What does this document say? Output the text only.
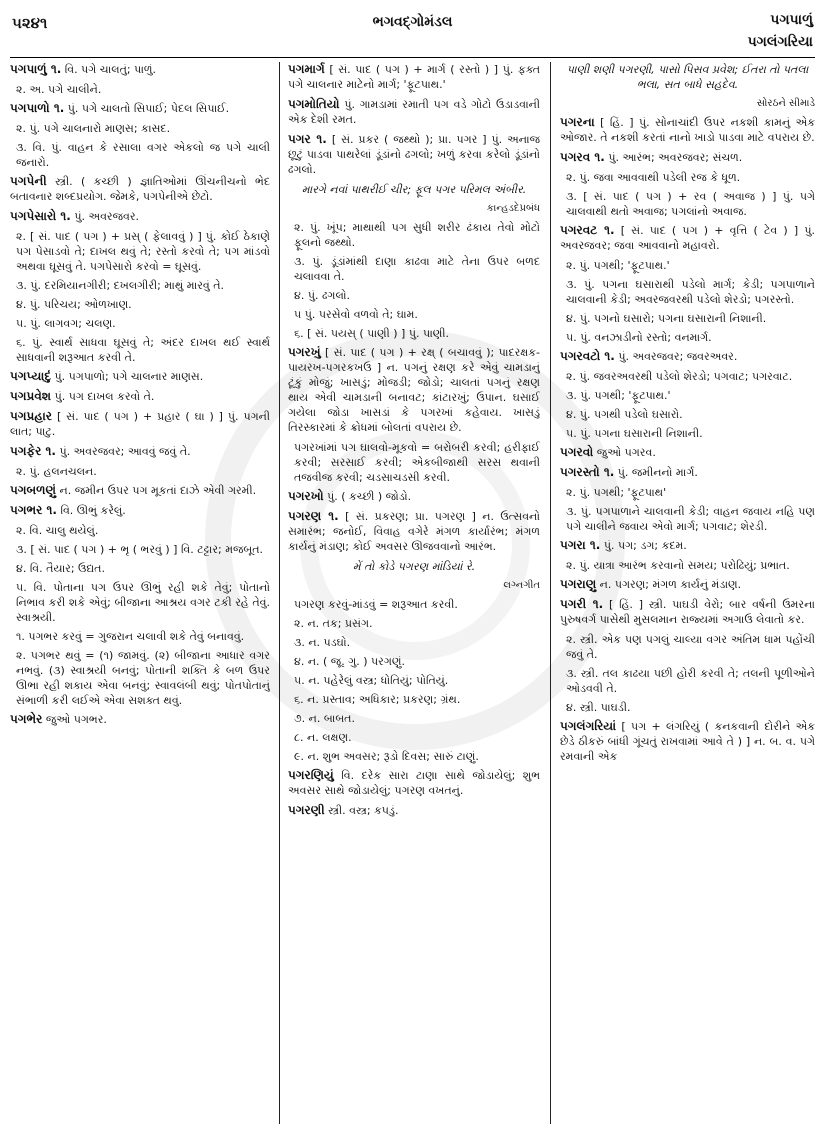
૫૨૪૧	ભગવદ્ગોમંડલ	પગપાળું
પગલંગરિયા
પગપાળું ૧. વિ. પગે ચાલતું; પાળું.
૨. અ. પગે ચાલીને.
પગપાળો ૧. પું. પગે ચાલતો સિપાઈ; પેદલ સિપાઈ.
૨. પું. પગે ચાલનારો માણસ; કાસદ.
૩. વિ. પું. વાહન કે રસાલા વગર એકલો જ પગે ચાલી જનારો.
પગપેની સ્ત્રી. ( કચ્છી ) જ્ઞાતિઓમાં ઊંચનીચનો ભેદ બતાવનાર શબ્દપ્રયોગ. જેમકે, પગપેનીએ છેટો.
પગપેસારો ૧. પું. અવરજવર.
૨. [ સં. પાદ ( પગ ) + પ્રસ્ ( ફેલાવવું ) ] પું. કોઈ ઠેકાણે પગ પેસાડવો તે; દાખલ થવું તે; રસ્તો કરવો તે; પગ માંડવો અથવા ઘૂસવું તે. પગપેસારો કરવો = ઘૂસવું.
૩. પું. દરમિયાનગીરી; દખલગીરી; માથું મારવું તે.
૪. પું. પરિચય; ઓળખાણ.
૫. પું. લાગવગ; ચલણ.
૬. પું. સ્વાર્થ સાધવા ઘૂસવું તે; અંદર દાખલ થઈ સ્વાર્થ સાધવાની શરૂઆત કરવી તે.
પગપ્યાદું પું. પગપાળો; પગે ચાલનાર માણસ.
પગપ્રવેશ પું. પગ દાખલ કરવો તે.
પગપ્રહાર [ સં. પાદ ( પગ ) + પ્રહાર ( ઘા ) ] પું. પગની લાત; પાટુ.
પગફેર ૧. પું. અવરજવર; આવવું જવું તે.
૨. પું. હલનચલન.
પગબળણું ન. જમીન ઉપર પગ મૂકતાં દાઝે એવી ગરમી.
પગભર ૧. વિ. ઊભું કરેલું.
૨. વિ. ચાલુ થયેલું.
૩. [ સં. પાદ ( પગ ) + ભૃ ( ભરવું ) ] વિ. ટટ્ટાર; મજબૂત.
૪. વિ. તૈયાર; ઉદ્યત.
૫. વિ. પોતાના પગ ઉપર ઊભું રહી શકે તેવું; પોતાનો નિભાવ કરી શકે એવું; બીજાના આશ્રય વગર ટકી રહે તેવું. સ્વાશ્રયી.
૧. પગભર કરવું = ગુજરાન ચલાવી શકે તેવું બનાવવું.
૨. પગભર થવું = (૧) જામવું. (૨) બીજાના આધાર વગર નભવું. (૩) સ્વાશ્રયી બનવું; પોતાની શક્તિ કે બળ ઉપર ઊભા રહી શકાય એવા બનવું; સ્વાવલંબી થવું; પોતપોતાનું સંભાળી કરી લઈએ એવા સશક્ત થવું.
પગભેર જુઓ પગભર.
પગમાર્ગ [ સં. પાદ ( પગ ) + માર્ગ ( રસ્તો ) ] પું. ફક્ત પગે ચાલનાર માટેનો માર્ગ; 'ફૂટપાથ.'
પગમોતિયો પું. ગામડામાં રમાતી પગ વડે ગોટો ઉડાડવાની એક દેશી રમત.
પગર ૧. [ સં. પ્રકર ( જથ્થો ); પ્રા. પગર ] પું. અનાજ છૂટું પાડવા પાથરેલાં ડૂંડાંનો ઢગલો; ખળું કરવા કરેલો ડૂંડાંનો ઢગલો.
મારગે નવાં પાથરીઈ ચીર; ફૂલ પગર પરિમલ અંબીર.
કાન્હડદેપ્રબંધ
૨. પું. ખૂંપ; માથાથી પગ સુધી શરીર ઢંકાય તેવો મોટો ફૂલનો જથ્થો.
૩. પું. ડૂંડાંમાંથી દાણા કાઢવા માટે તેના ઉપર બળદ ચલાવવા તે.
૪. પું. ઢગલો.
૫ પું. પરસેવો વળવો તે; ઘામ.
૬. [ સં. પયસ્ ( પાણી ) ] પું. પાણી.
પગરખું [ સં. પાદ ( પગ ) + રક્ષ્ ( બચાવવું ); પાદરક્ષક-પાયરખ-પગરકખઉ ] ન. પગનું રક્ષણ કરે એવું ચામડાનું ટૂંકું મોજું; ખાસડું; મોજડી; જોડો; ચાલતાં પગનું રક્ષણ થાય એવી ચામડાની બનાવટ; કાંટારખું; ઉપાન. ઘસાઈ ગયેલા જોડા ખાસડાં કે પગરખાં કહેવાય. ખાસડું તિરસ્કારમાં કે ક્રોધમાં બોલતાં વપરાય છે.
પગરખાંમાં પગ ઘાલવો-મૂકવો = બરોબરી કરવી; હરીફાઈ કરવી; સરસાઈ કરવી; એકબીજાથી સરસ થવાની તજવીજ કરવી; ચડસાચડસી કરવી.
પગરખો પું. ( કચ્છી ) જોડો.
પગરણ ૧. [ સં. પ્રકરણ; પ્રા. પગરણ ] ન. ઉત્સવનો સમારંભ; જનોઈ, વિવાહ વગેરે મંગળ કાર્યારંભ; મંગળ કાર્યનું મંડાણ; કોઈ અવસર ઊજવવાનો આરંભ.
મેં તો કોડે પગરણ માંડિયાં રે.
લગ્નગીત
પગરણ કરવું-માંડવું = શરૂઆત કરવી.
૨. ન. તક; પ્રસંગ.
૩. ન. પડઘો.
૪. ન. ( જૂ. ગુ. ) પરગણું.
૫. ન. પહેરેલું વસ્ત્ર; ધોતિયું; પોતિયું.
૬. ન. પ્રસ્તાવ; અધિકાર; પ્રકરણ; ગ્રંથ.
૭. ન. બાબત.
૮. ન. લક્ષણ.
૯. ન. શુભ અવસર; રૂડો દિવસ; સારું ટાણું.
પગરણિયું વિ. દરેક સારા ટાણા સાથે જોડાયેલું; શુભ અવસર સાથે જોડાયેલું; પગરણ વખતનું.
પગરણી સ્ત્રી. વસ્ત્ર; કપડું.
પાણી શણી પગરણી, પાસો પિસવ પ્રવેશ; ઈતરા તો પતલા ભલા, સત બાધે સહદેવ.
સોરઠને સીમાડે
પગરના [ હિં. ] પું. સોનાચાંદી ઉપર નકશી કામનું એક ઓજાર. તે નકશી કરતાં નાનો ખાડો પાડવા માટે વપરાય છે.
પગરવ ૧. પું. આરંભ; અવરજવર; સંચળ.
૨. પું. જવા આવવાથી પડેલી રજ કે ધૂળ.
૩. [ સં. પાદ ( પગ ) + રવ ( અવાજ ) ] પું. પગે ચાલવાથી થતો અવાજ; પગલાંનો અવાજ.
પગરવટ ૧. [ સં. પાદ ( પગ ) + વૃત્તિ ( ટેવ ) ] પું. અવરજવર; જવા આવવાનો મહાવરો.
૨. પું. પગથી; 'ફૂટપાથ.'
૩. પું. પગના ઘસારાથી પડેલો માર્ગ; કેડી; પગપાળાને ચાલવાની કેડી; અવરજવરથી પડેલો શેરડો; પગરસ્તો.
૪. પું. પગનો ઘસારો; પગના ઘસારાની નિશાની.
૫. પું. વનઝાડીનો રસ્તો; વનમાર્ગ.
પગરવટો ૧. પું. અવરજવર; જવરઅવર.
૨. પું. જવરઅવરથી પડેલો શેરડો; પગવાટ; પગરવાટ.
૩. પું. પગથી; 'ફૂટપાથ.'
૪. પું. પગથી પડેલો ઘસારો.
૫. પું. પગના ઘસારાની નિશાની.
પગરવો જુઓ પગરવ.
પગરસ્તો ૧. પું. જમીનનો માર્ગ.
૨. પું. પગથી; 'ફૂટપાથ'
૩. પું. પગપાળાને ચાલવાની કેડી; વાહન જવાય નહિ પણ પગે ચાલીને જવાય એવો માર્ગ; પગવાટ; શેરડી.
પગરા ૧. પું. પગ; ડગ; કદમ.
૨. પું. યાત્રા આરંભ કરવાનો સમય; પરોઢિયું; પ્રભાત.
પગરાણુ ન. પગરણ; મંગળ કાર્યનું મંડાણ.
પગરી ૧. [ હિં. ] સ્ત્રી. પાઘડી વેરો; બાર વર્ષની ઉમરના પુરુષવર્ગ પાસેથી મુસલમાન રાજ્યમાં અગાઉ લેવાતો કર.
૨. સ્ત્રી. એક પણ પગલું ચાલ્યા વગર અંતિમ ધામ પહોંચી જવું તે.
૩. સ્ત્રી. તલ કાઢયા પછી હોરી કરવી તે; તલની પૂળીઓને ઓડવવી તે.
૪. સ્ત્રી. પાઘડી.
પગલંગરિયાં [ પગ + લંગરિયું ( કનકવાની દોરીને એક છેડે ઠીકરું બાંધી ગૂંચતું રાખવામાં આવે તે ) ] ન. બ. વ. પગે રમવાની એક
